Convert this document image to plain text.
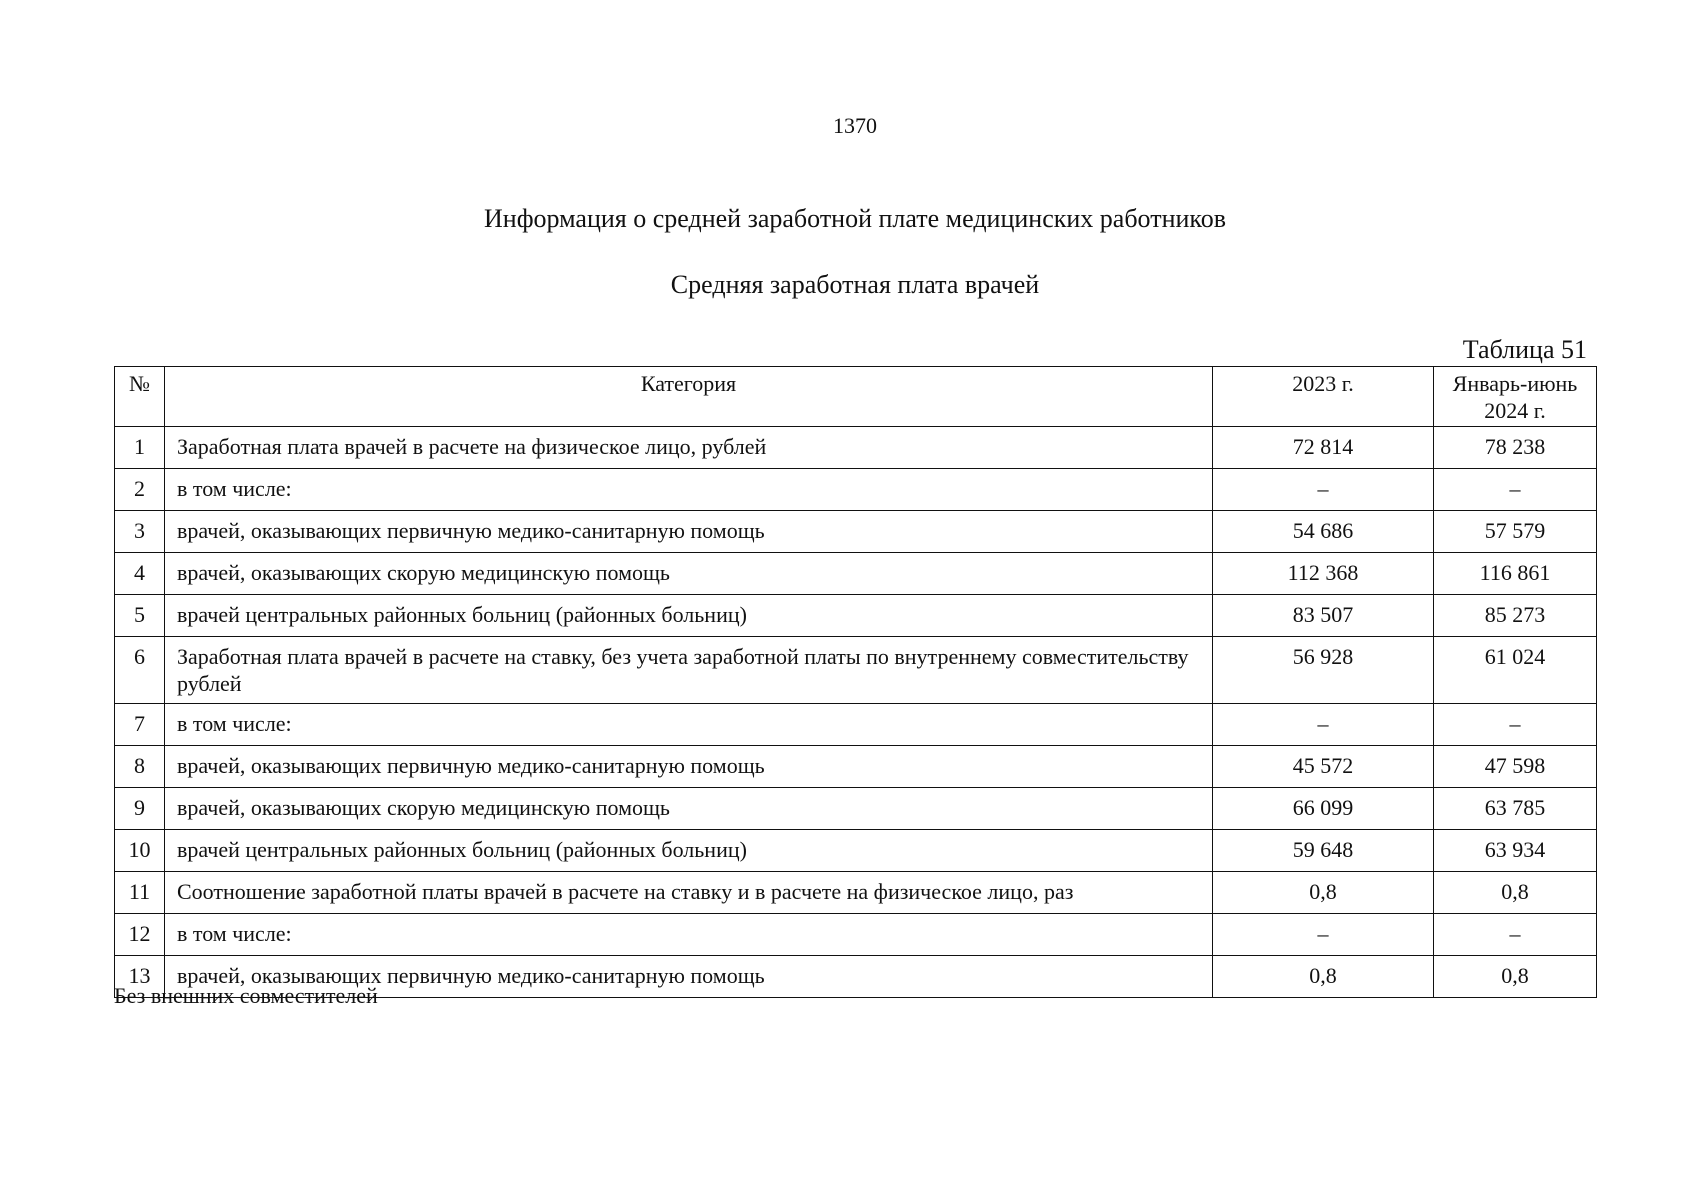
1370
Информация о средней заработной плате медицинских работников
Средняя заработная плата врачей
Таблица 51
№	Категория	2023 г.	Январь-июнь 2024 г.
1	Заработная плата врачей в расчете на физическое лицо, рублей	72 814	78 238
2	в том числе:	–	–
3	врачей, оказывающих первичную медико-санитарную помощь	54 686	57 579
4	врачей, оказывающих скорую медицинскую помощь	112 368	116 861
5	врачей центральных районных больниц (районных больниц)	83 507	85 273
6	Заработная плата врачей в расчете на ставку, без учета заработной платы по внутреннему совместительству рублей	56 928	61 024
7	в том числе:	–	–
8	врачей, оказывающих первичную медико-санитарную помощь	45 572	47 598
9	врачей, оказывающих скорую медицинскую помощь	66 099	63 785
10	врачей центральных районных больниц (районных больниц)	59 648	63 934
11	Соотношение заработной платы врачей в расчете на ставку и в расчете на физическое лицо, раз	0,8	0,8
12	в том числе:	–	–
13	врачей, оказывающих первичную медико-санитарную помощь	0,8	0,8
Без внешних совместителей
